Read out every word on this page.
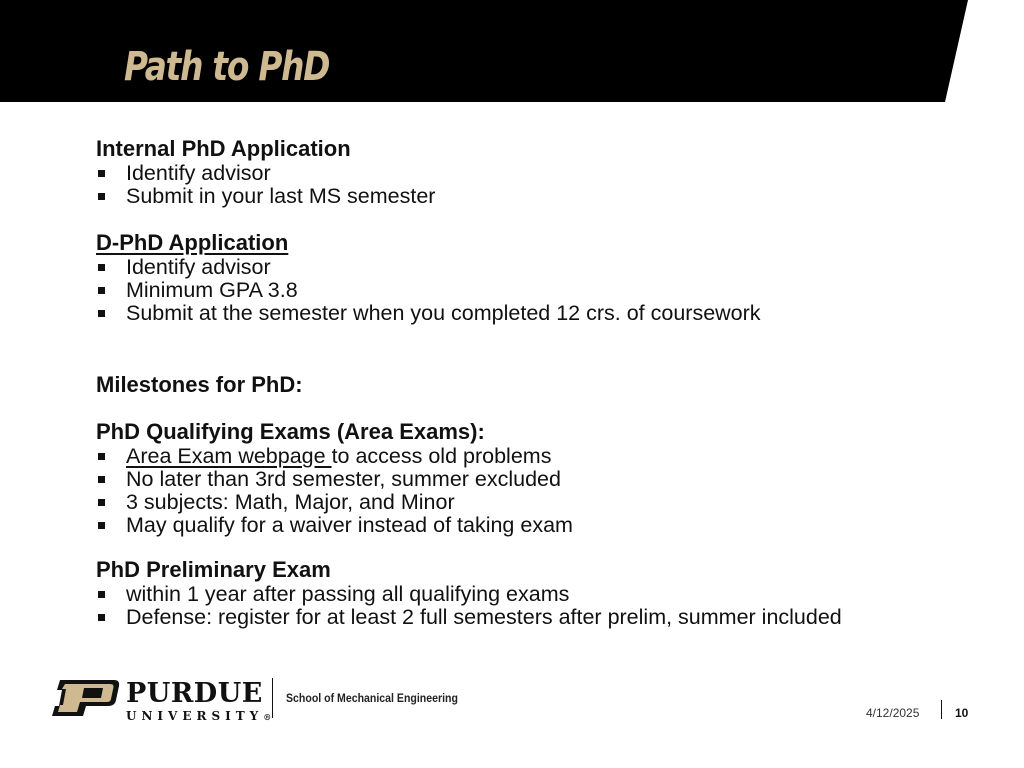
Path to PhD
Internal PhD Application
Identify advisor
Submit in your last MS semester
D-PhD Application
Identify advisor
Minimum GPA 3.8
Submit at the semester when you completed 12 crs. of coursework
Milestones for PhD:
PhD Qualifying Exams (Area Exams):
Area Exam webpage to access old problems
No later than 3rd semester, summer excluded
3 subjects: Math, Major, and Minor
May qualify for a waiver instead of taking exam
PhD Preliminary Exam
within 1 year after passing all qualifying exams
Defense: register for at least 2 full semesters after prelim, summer included
PURDUE
UNIVERSITY®
School of Mechanical Engineering
4/12/2025	10
